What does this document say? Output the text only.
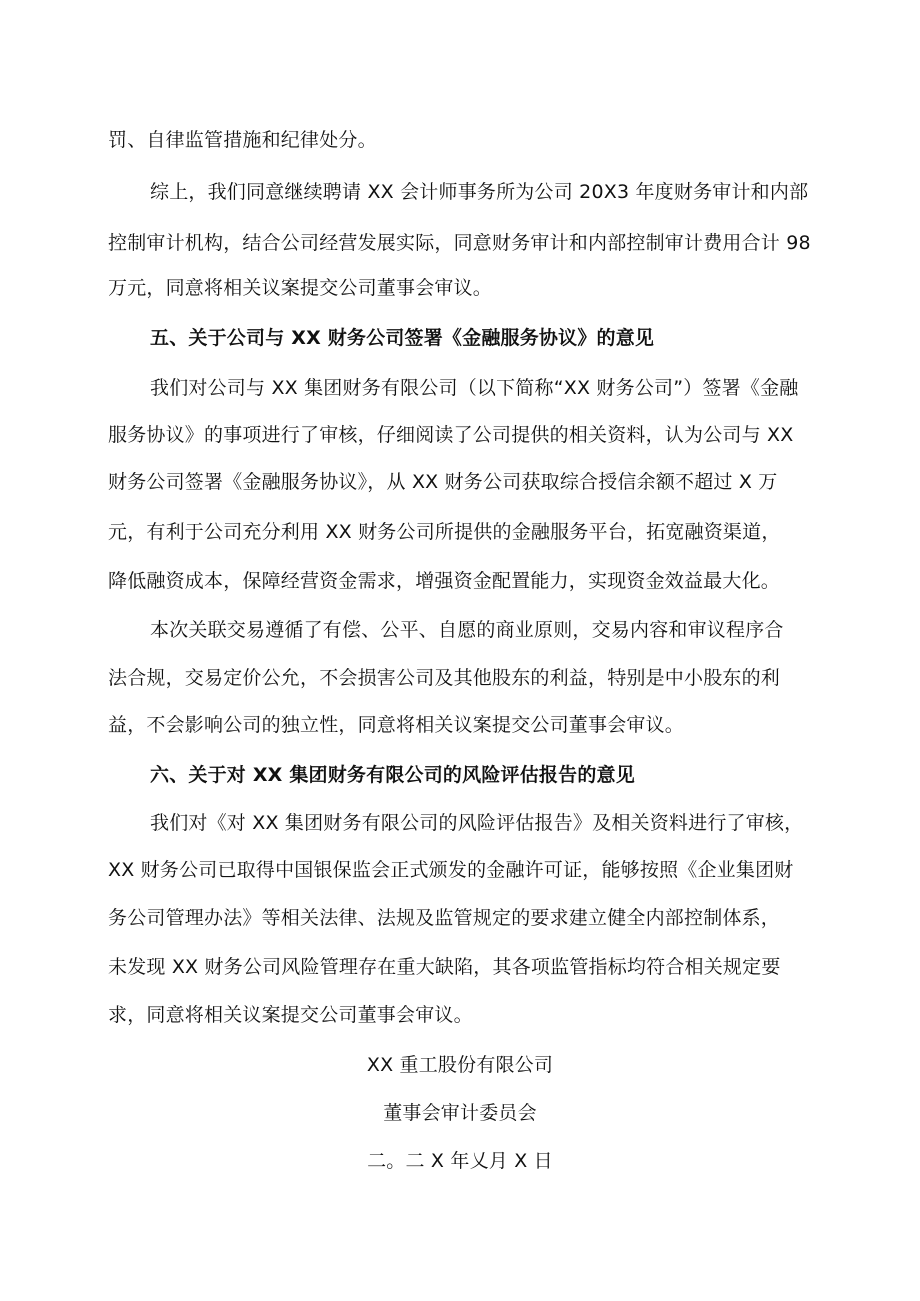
罚、自律监管措施和纪律处分。
综上，我们同意继续聘请 XX 会计师事务所为公司 20X3 年度财务审计和内部
控制审计机构，结合公司经营发展实际，同意财务审计和内部控制审计费用合计 98
万元，同意将相关议案提交公司董事会审议。
五、关于公司与 XX 财务公司签署《金融服务协议》的意见
我们对公司与 XX 集团财务有限公司（以下简称“XX 财务公司”）签署《金融
服务协议》的事项进行了审核，仔细阅读了公司提供的相关资料，认为公司与 XX
财务公司签署《金融服务协议》，从 XX 财务公司获取综合授信余额不超过 X 万
元，有利于公司充分利用 XX 财务公司所提供的金融服务平台，拓宽融资渠道，
降低融资成本，保障经营资金需求，增强资金配置能力，实现资金效益最大化。
本次关联交易遵循了有偿、公平、自愿的商业原则，交易内容和审议程序合
法合规，交易定价公允，不会损害公司及其他股东的利益，特别是中小股东的利
益，不会影响公司的独立性，同意将相关议案提交公司董事会审议。
六、关于对 XX 集团财务有限公司的风险评估报告的意见
我们对《对 XX 集团财务有限公司的风险评估报告》及相关资料进行了审核，
XX 财务公司已取得中国银保监会正式颁发的金融许可证，能够按照《企业集团财
务公司管理办法》等相关法律、法规及监管规定的要求建立健全内部控制体系，
未发现 XX 财务公司风险管理存在重大缺陷，其各项监管指标均符合相关规定要
求，同意将相关议案提交公司董事会审议。
XX 重工股份有限公司
董事会审计委员会
二。二 X 年乂月 X 日
